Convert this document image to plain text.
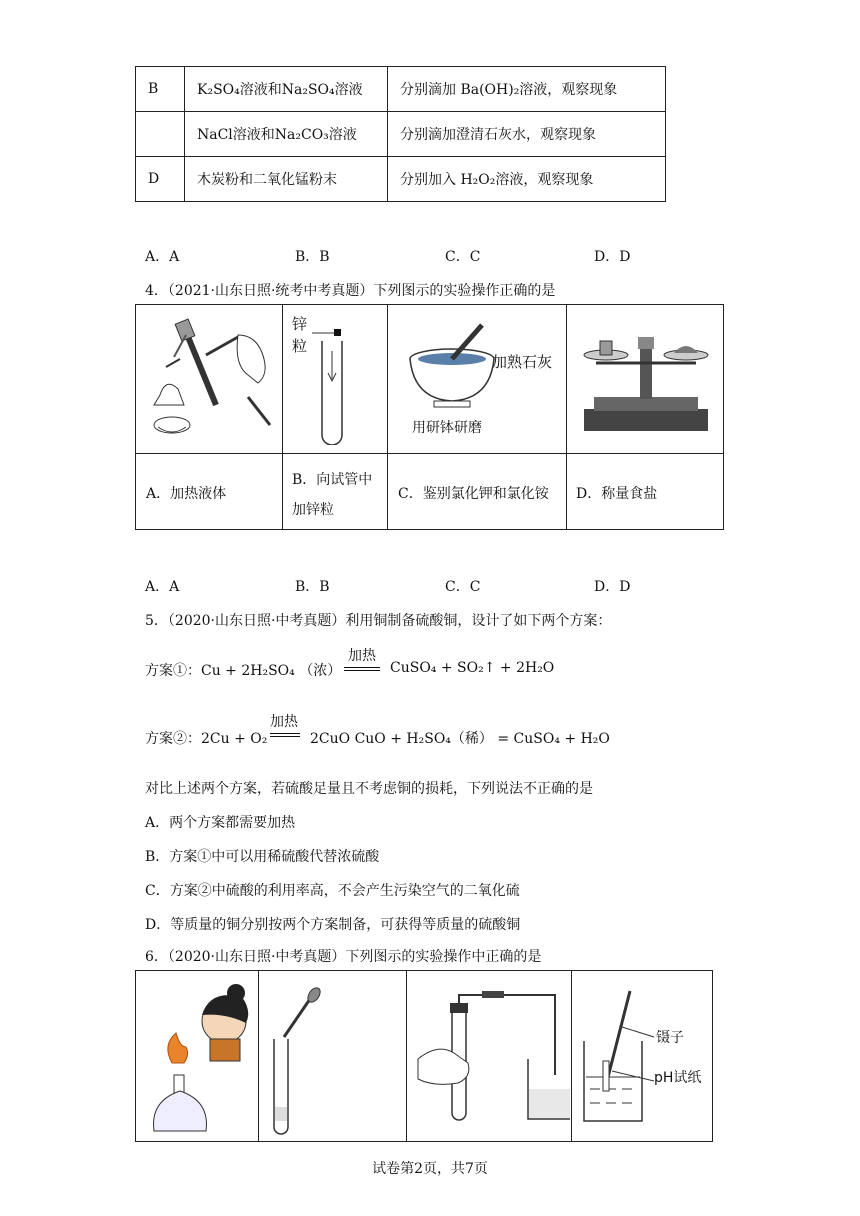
B	K₂SO₄溶液和Na₂SO₄溶液	分别滴加 Ba(OH)₂溶液，观察现象
	NaCl溶液和Na₂CO₃溶液	分别滴加澄清石灰水，观察现象
D	木炭粉和二氧化锰粉末	分别加入 H₂O₂溶液，观察现象
A．A	B．B	C．C	D．D
4．（2021·山东日照·统考中考真题）下列图示的实验操作正确的是
锌
粒
加熟石灰
用研钵研磨
A．加热液体
B．向试管中加锌粒
C．鉴别氯化钾和氯化铵 D．称量食盐
A．A	B．B	C．C	D．D
5．（2020·山东日照·中考真题）利用铜制备硫酸铜，设计了如下两个方案：
方案①：Cu + 2H₂SO₄ （浓）
加热
CuSO₄ + SO₂↑ + 2H₂O
方案②：2Cu + O₂
加热
2CuO CuO + H₂SO₄（稀） = CuSO₄ + H₂O
对比上述两个方案，若硫酸足量且不考虑铜的损耗，下列说法不正确的是
A．两个方案都需要加热
B．方案①中可以用稀硫酸代替浓硫酸
C．方案②中硫酸的利用率高，不会产生污染空气的二氧化硫
D．等质量的铜分别按两个方案制备，可获得等质量的硫酸铜
6．（2020·山东日照·中考真题）下列图示的实验操作中正确的是
镊子
pH试纸
试卷第2页，共7页
